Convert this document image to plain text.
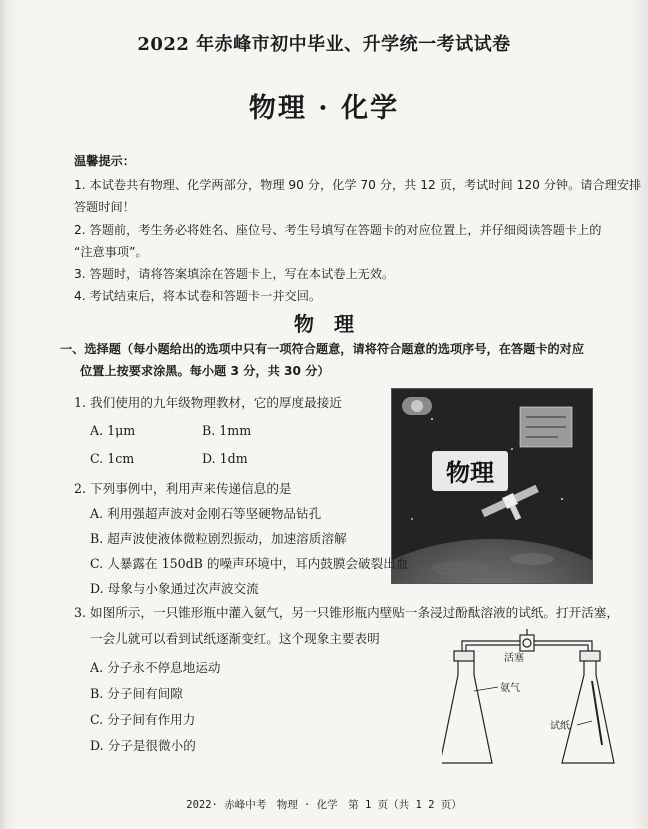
2022 年赤峰市初中毕业、升学统一考试试卷
物理 · 化学
温馨提示：
1. 本试卷共有物理、化学两部分，物理 90 分，化学 70 分，共 12 页，考试时间 120 分钟。请合理安排
答题时间！
2. 答题前，考生务必将姓名、座位号、考生号填写在答题卡的对应位置上，并仔细阅读答题卡上的
“注意事项”。
3. 答题时，请将答案填涂在答题卡上，写在本试卷上无效。
4. 考试结束后，将本试卷和答题卡一并交回。
物　理
一、选择题（每小题给出的选项中只有一项符合题意，请将符合题意的选项序号，在答题卡的对应
位置上按要求涂黑。每小题 3 分，共 30 分）
1. 我们使用的九年级物理教材，它的厚度最接近
A. 1μm	B. 1mm
C. 1cm	D. 1dm	物理
2. 下列事例中，利用声来传递信息的是
A. 利用强超声波对金刚石等坚硬物品钻孔
B. 超声波使液体微粒剧烈振动，加速溶质溶解
C. 人暴露在 150dB 的噪声环境中，耳内鼓膜会破裂出血
D. 母象与小象通过次声波交流
3. 如图所示，一只锥形瓶中灌入氨气，另一只锥形瓶内壁贴一条浸过酚酞溶液的试纸。打开活塞，
一会儿就可以看到试纸逐渐变红。这个现象主要表明
A. 分子永不停息地运动
B. 分子间有间隙
C. 分子间有作用力
D. 分子是很微小的
活塞
氨气
试纸
2022· 赤峰中考　物理 · 化学　第 1 页（共 1 2 页）
